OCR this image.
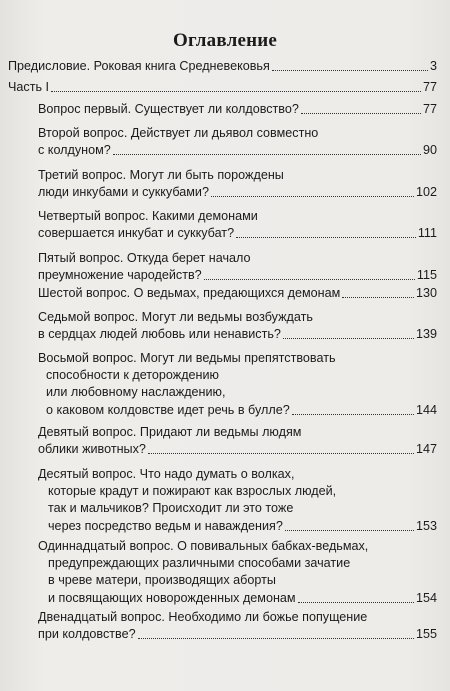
Оглавление
Предисловие. Роковая книга Средневековья	3
Часть I	77
Вопрос первый. Существует ли колдовство?	77
Второй вопрос. Действует ли дьявол совместно
с колдуном?	90
Третий вопрос. Могут ли быть порождены
люди инкубами и суккубами?	102
Четвертый вопрос. Какими демонами
совершается инкубат и суккубат?	111
Пятый вопрос. Откуда берет начало
преумножение чародейств?	115
Шестой вопрос. О ведьмах, предающихся демонам	130
Седьмой вопрос. Могут ли ведьмы возбуждать
в сердцах людей любовь или ненависть?	139
Восьмой вопрос. Могут ли ведьмы препятствовать
способности к деторождению
или любовному наслаждению,
о каковом колдовстве идет речь в булле?	144
Девятый вопрос. Придают ли ведьмы людям
облики животных?	147
Десятый вопрос. Что надо думать о волках,
которые крадут и пожирают как взрослых людей,
так и мальчиков? Происходит ли это тоже
через посредство ведьм и наваждения?	153
Одиннадцатый вопрос. О повивальных бабках-ведьмах,
предупреждающих различными способами зачатие
в чреве матери, производящих аборты
и посвящающих новорожденных демонам	154
Двенадцатый вопрос. Необходимо ли божье попущение
при колдовстве?	155
